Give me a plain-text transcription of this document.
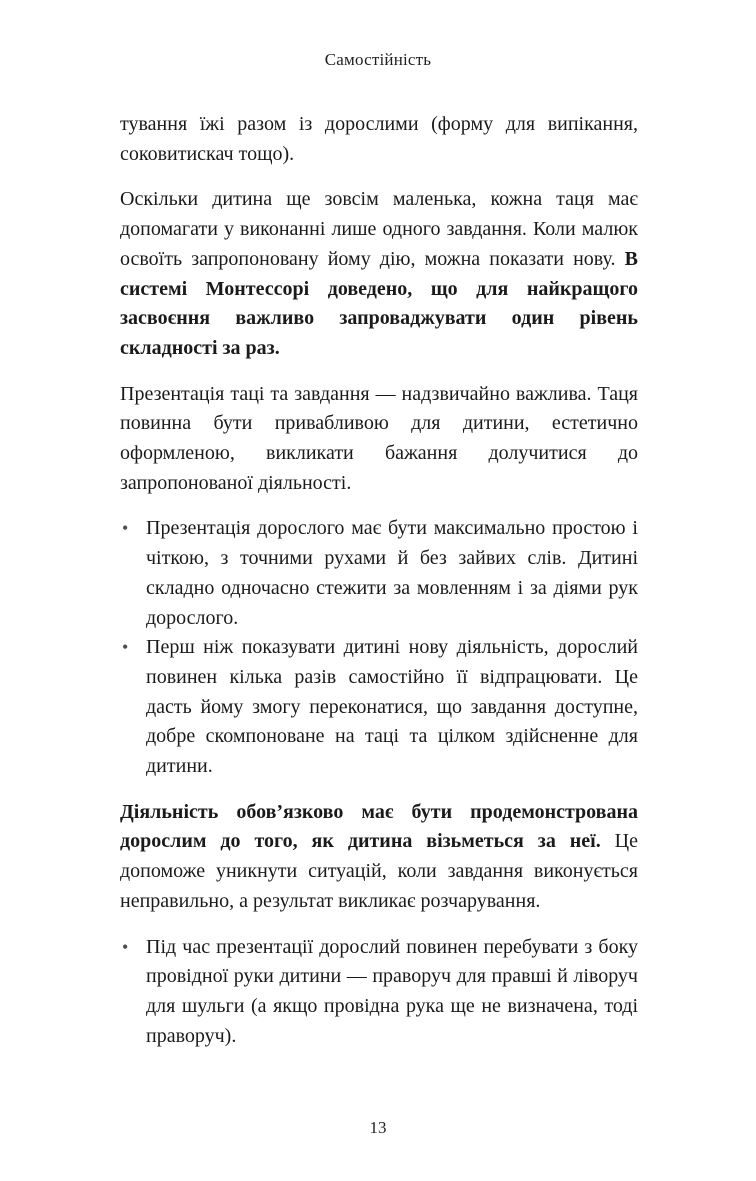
Самостійність

тування їжі разом із дорослими (форму для випікання, соковитискач тощо).

Оскільки дитина ще зовсім маленька, кожна таця має допомагати у виконанні лише одного завдання. Коли малюк освоїть запропоновану йому дію, можна показати нову. В системі Монтессорі доведено, що для найкращого засвоєння важливо запроваджувати один рівень складності за раз.

Презентація таці та завдання — надзвичайно важлива. Таця повинна бути привабливою для дитини, естетично оформленою, викликати бажання долучитися до запропонованої діяльності.

• Презентація дорослого має бути максимально простою і чіткою, з точними рухами й без зайвих слів. Дитині складно одночасно стежити за мовленням і за діями рук дорослого.
• Перш ніж показувати дитині нову діяльність, дорослий повинен кілька разів самостійно її відпрацювати. Це дасть йому змогу переконатися, що завдання доступне, добре скомпоноване на таці та цілком здійсненне для дитини.

Діяльність обов’язково має бути продемонстрована дорослим до того, як дитина візьметься за неї. Це допоможе уникнути ситуацій, коли завдання виконується неправильно, а результат викликає розчарування.

• Під час презентації дорослий повинен перебувати з боку провідної руки дитини — праворуч для правші й ліворуч для шульги (а якщо провідна рука ще не визначена, тоді праворуч).
13
